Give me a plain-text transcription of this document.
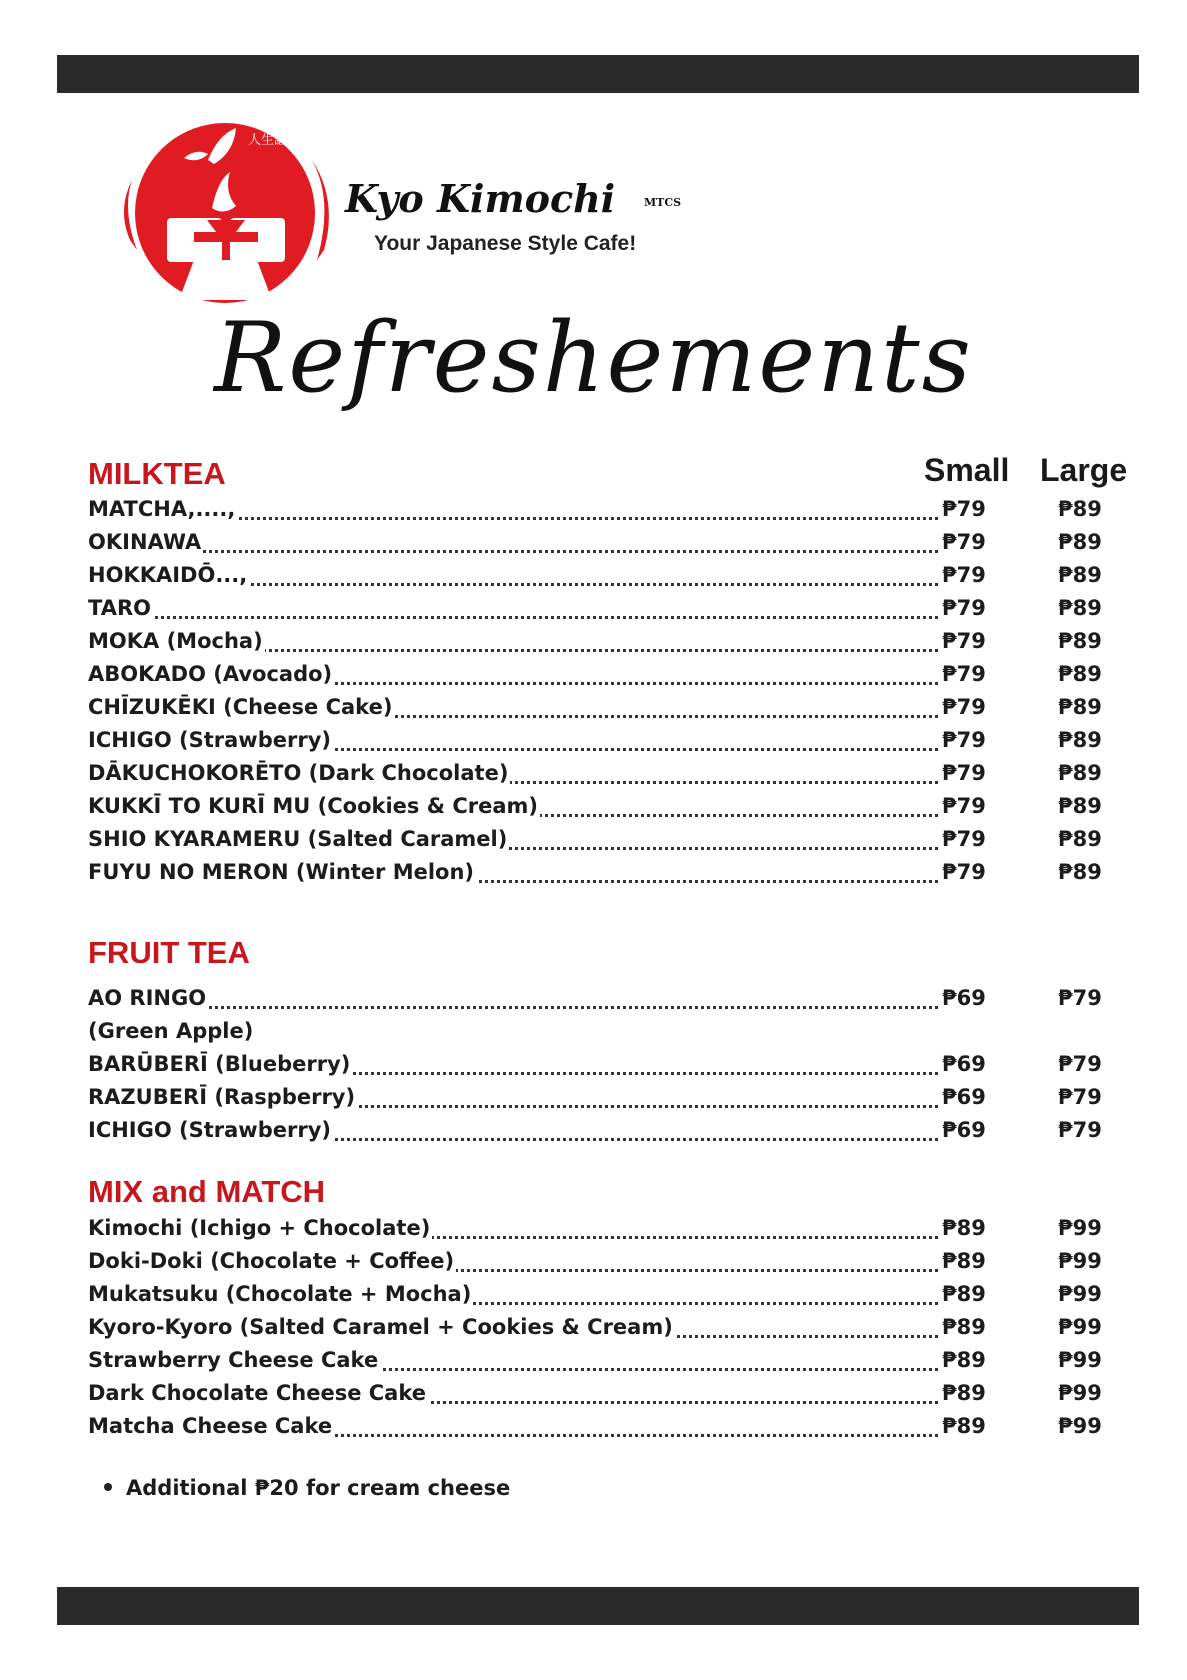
人生謳歌
Kyo Kimochi	MTCS
Your Japanese Style Cafe!
Refreshements
Small Large
MILKTEA
MATCHA,....,	₱79	₱89
OKINAWA	₱79	₱89
HOKKAIDŌ...,	₱79	₱89
TARO	₱79	₱89
MOKA (Mocha)	₱79	₱89
ABOKADO (Avocado)	₱79	₱89
CHĪZUKĒKI (Cheese Cake)	₱79	₱89
ICHIGO (Strawberry)	₱79	₱89
DĀKUCHOKORĒTO (Dark Chocolate)	₱79	₱89
KUKKĪ TO KURĪ MU (Cookies & Cream)	₱79	₱89
SHIO KYARAMERU (Salted Caramel)	₱79	₱89
FUYU NO MERON (Winter Melon)	₱79	₱89
FRUIT TEA
AO RINGO	₱69	₱79
(Green Apple)
BARŪBERĪ (Blueberry)	₱69	₱79
RAZUBERĪ (Raspberry)	₱69	₱79
ICHIGO (Strawberry)	₱69	₱79
MIX and MATCH
Kimochi (Ichigo + Chocolate)	₱89	₱99
Doki-Doki (Chocolate + Coffee)	₱89	₱99
Mukatsuku (Chocolate + Mocha)	₱89	₱99
Kyoro-Kyoro (Salted Caramel + Cookies & Cream)	₱89	₱99
Strawberry Cheese Cake	₱89	₱99
Dark Chocolate Cheese Cake	₱89	₱99
Matcha Cheese Cake	₱89	₱99
Additional ₱20 for cream cheese
